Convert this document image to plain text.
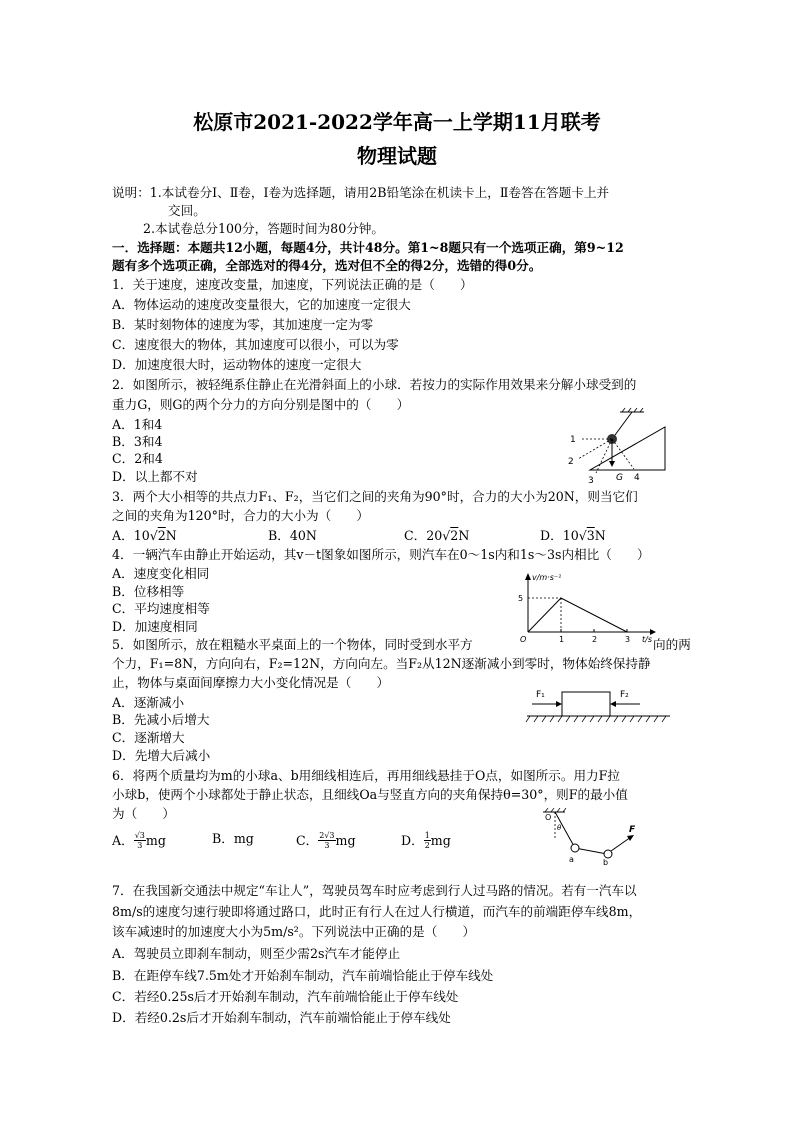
松原市2021-2022学年高一上学期11月联考
物理试题
说明：1.本试卷分Ⅰ、Ⅱ卷，Ⅰ卷为选择题，请用2B铅笔涂在机读卡上，Ⅱ卷答在答题卡上并
交回。
2.本试卷总分100分，答题时间为80分钟。
一．选择题：本题共12小题，每题4分，共计48分。第1~8题只有一个选项正确，第9~12
题有多个选项正确，全部选对的得4分，选对但不全的得2分，选错的得0分。
1．关于速度，速度改变量，加速度，下列说法正确的是（　　）
A．物体运动的速度改变量很大，它的加速度一定很大
B．某时刻物体的速度为零，其加速度一定为零
C．速度很大的物体，其加速度可以很小，可以为零
D．加速度很大时，运动物体的速度一定很大
2．如图所示，被轻绳系住静止在光滑斜面上的小球．若按力的实际作用效果来分解小球受到的
重力G，则G的两个分力的方向分别是图中的（　　）
A．1和4
B．3和4
C．2和4
D．以上都不对
1
2
3	4
G
3．两个大小相等的共点力F₁、F₂，当它们之间的夹角为90°时，合力的大小为20N，则当它们
之间的夹角为120°时，合力的大小为（　　）
A．10√2N	B．40N	C．20√2N	D．10√3N
4．一辆汽车由静止开始运动，其v－t图象如图所示，则汽车在0～1s内和1s～3s内相比（　　）
A．速度变化相同
B．位移相等
C．平均速度相等
D．加速度相同
v/m·s⁻¹
t/s
O
5
1	2	3
5．如图所示，放在粗糙水平桌面上的一个物体，同时受到水平方	向的两
个力，F₁=8N，方向向右，F₂=12N，方向向左。当F₂从12N逐渐减小到零时，物体始终保持静
止，物体与桌面间摩擦力大小变化情况是（　　）
A．逐渐减小
B．先减小后增大
C．逐渐增大
D．先增大后减小
F₁	F₂
6．将两个质量均为m的小球a、b用细线相连后，再用细线悬挂于O点，如图所示。用力F拉
小球b，使两个小球都处于静止状态，且细线Oa与竖直方向的夹角保持θ=30°，则F的最小值
为（　　）
A． √3
3 mg	B．mg	C． 2√3
3 mg	D． 1
2 mg
O
θ
a	b
F
7．在我国新交通法中规定“车让人”，驾驶员驾车时应考虑到行人过马路的情况。若有一汽车以
8m/s的速度匀速行驶即将通过路口，此时正有行人在过人行横道，而汽车的前端距停车线8m，
该车减速时的加速度大小为5m/s²。下列说法中正确的是（　　）
A．驾驶员立即刹车制动，则至少需2s汽车才能停止
B．在距停车线7.5m处才开始刹车制动，汽车前端恰能止于停车线处
C．若经0.25s后才开始刹车制动，汽车前端恰能止于停车线处
D．若经0.2s后才开始刹车制动，汽车前端恰能止于停车线处
